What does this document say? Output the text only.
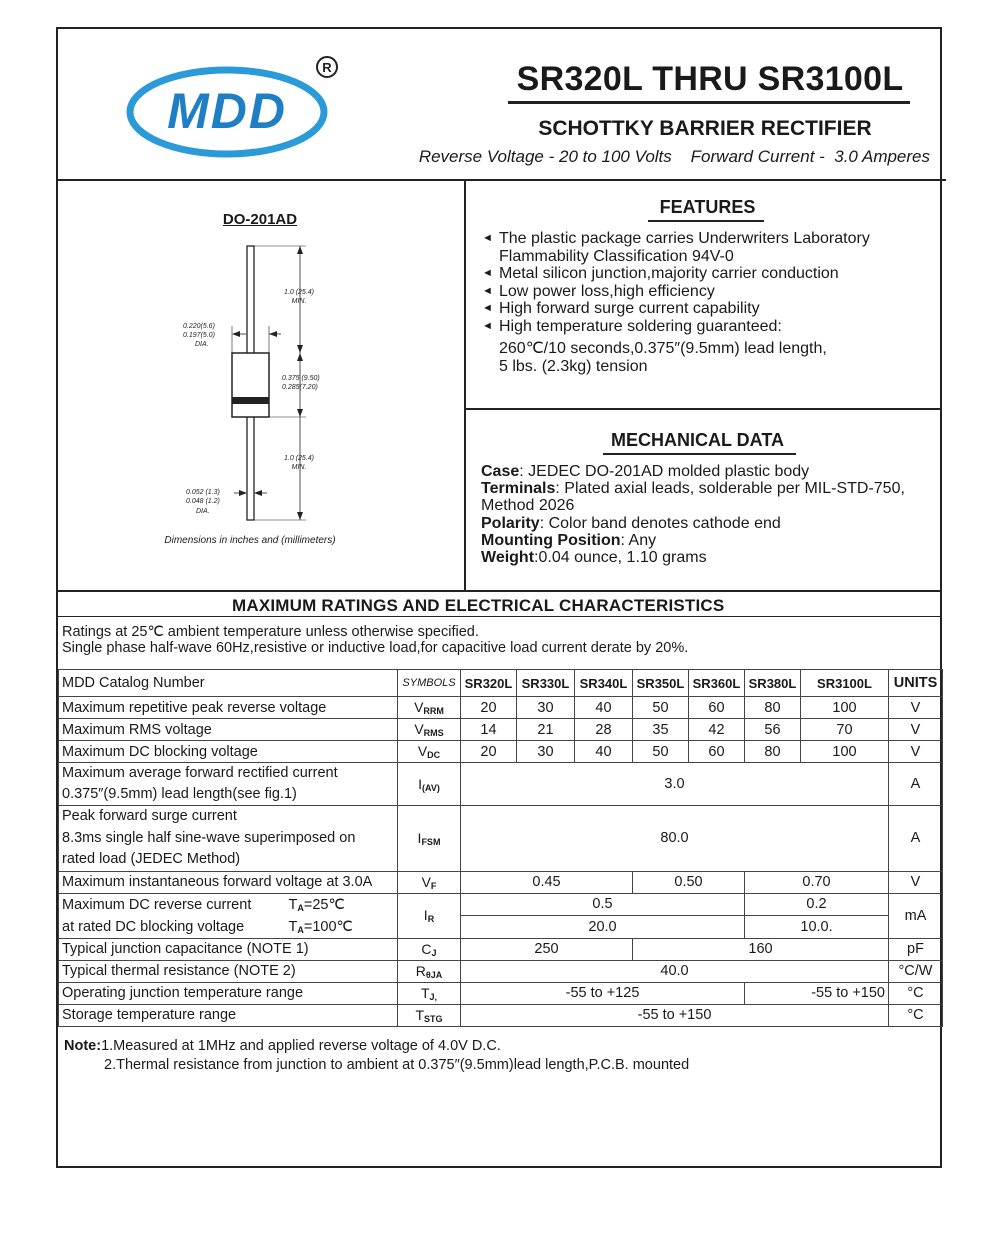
MDD
R	SR320L THRU SR3100L
SCHOTTKY BARRIER RECTIFIER
Reverse Voltage - 20 to 100 Volts    Forward Current -  3.0 Amperes
DO-201AD
1.0 (25.4)
MIN.
0.220(5.6)
0.197(5.0)
DIA.
0.375 (9.50)
0.285(7.20)
1.0 (25.4)
MIN.
0.052 (1.3)
0.048 (1.2)
DIA.
Dimensions in inches and (millimeters)
FEATURES
◄ The plastic package carries Underwriters Laboratory
Flammability Classification 94V-0
◄ Metal silicon junction,majority carrier conduction
◄ Low power loss,high efficiency
◄ High forward surge current capability
◄ High temperature soldering guaranteed:
260℃/10 seconds,0.375″(9.5mm) lead length,
5 lbs. (2.3kg) tension
MECHANICAL DATA
Case: JEDEC DO-201AD molded plastic body
Terminals: Plated axial leads, solderable per MIL-STD-750,
Method 2026
Polarity: Color band denotes cathode end
Mounting Position: Any
Weight:0.04 ounce, 1.10 grams
MAXIMUM RATINGS AND ELECTRICAL CHARACTERISTICS
Ratings at 25℃ ambient temperature unless otherwise specified.
Single phase half-wave 60Hz,resistive or inductive load,for capacitive load current derate by 20%.
MDD Catalog Number	SYMBOLS	SR320L	SR330L	SR340L	SR350L	SR360L	SR380L	SR3100L	UNITS
Maximum repetitive peak reverse voltage	VRRM	20	30	40	50	60	80	100	V
Maximum RMS voltage	VRMS	14	21	28	35	42	56	70	V
Maximum DC blocking voltage	VDC	20	30	40	50	60	80	100	V

Maximum average forward rectified current
0.375″(9.5mm) lead length(see fig.1)	I(AV)	3.0							A

Peak forward surge current
8.3ms single half sine-wave superimposed on
rated load (JEDEC Method)	IFSM	80.0							A
Maximum instantaneous forward voltage at 3.0A	VF	0.45			0.50		0.70		V

Maximum DC reverse current TA=25℃
at rated DC blocking voltage TA=100℃	IR	0.5					0.2		mA
		20.0					10.0.		
Typical junction capacitance (NOTE 1)	CJ	250			160				pF
Typical thermal resistance (NOTE 2)	RθJA	40.0							°C/W
Operating junction temperature range	TJ,	-55 to +125					-55 to +150		°C
Storage temperature range	TSTG	-55 to +150							°C
Note:1.Measured at 1MHz and applied reverse voltage of 4.0V D.C.
2.Thermal resistance from junction to ambient at 0.375″(9.5mm)lead length,P.C.B. mounted
